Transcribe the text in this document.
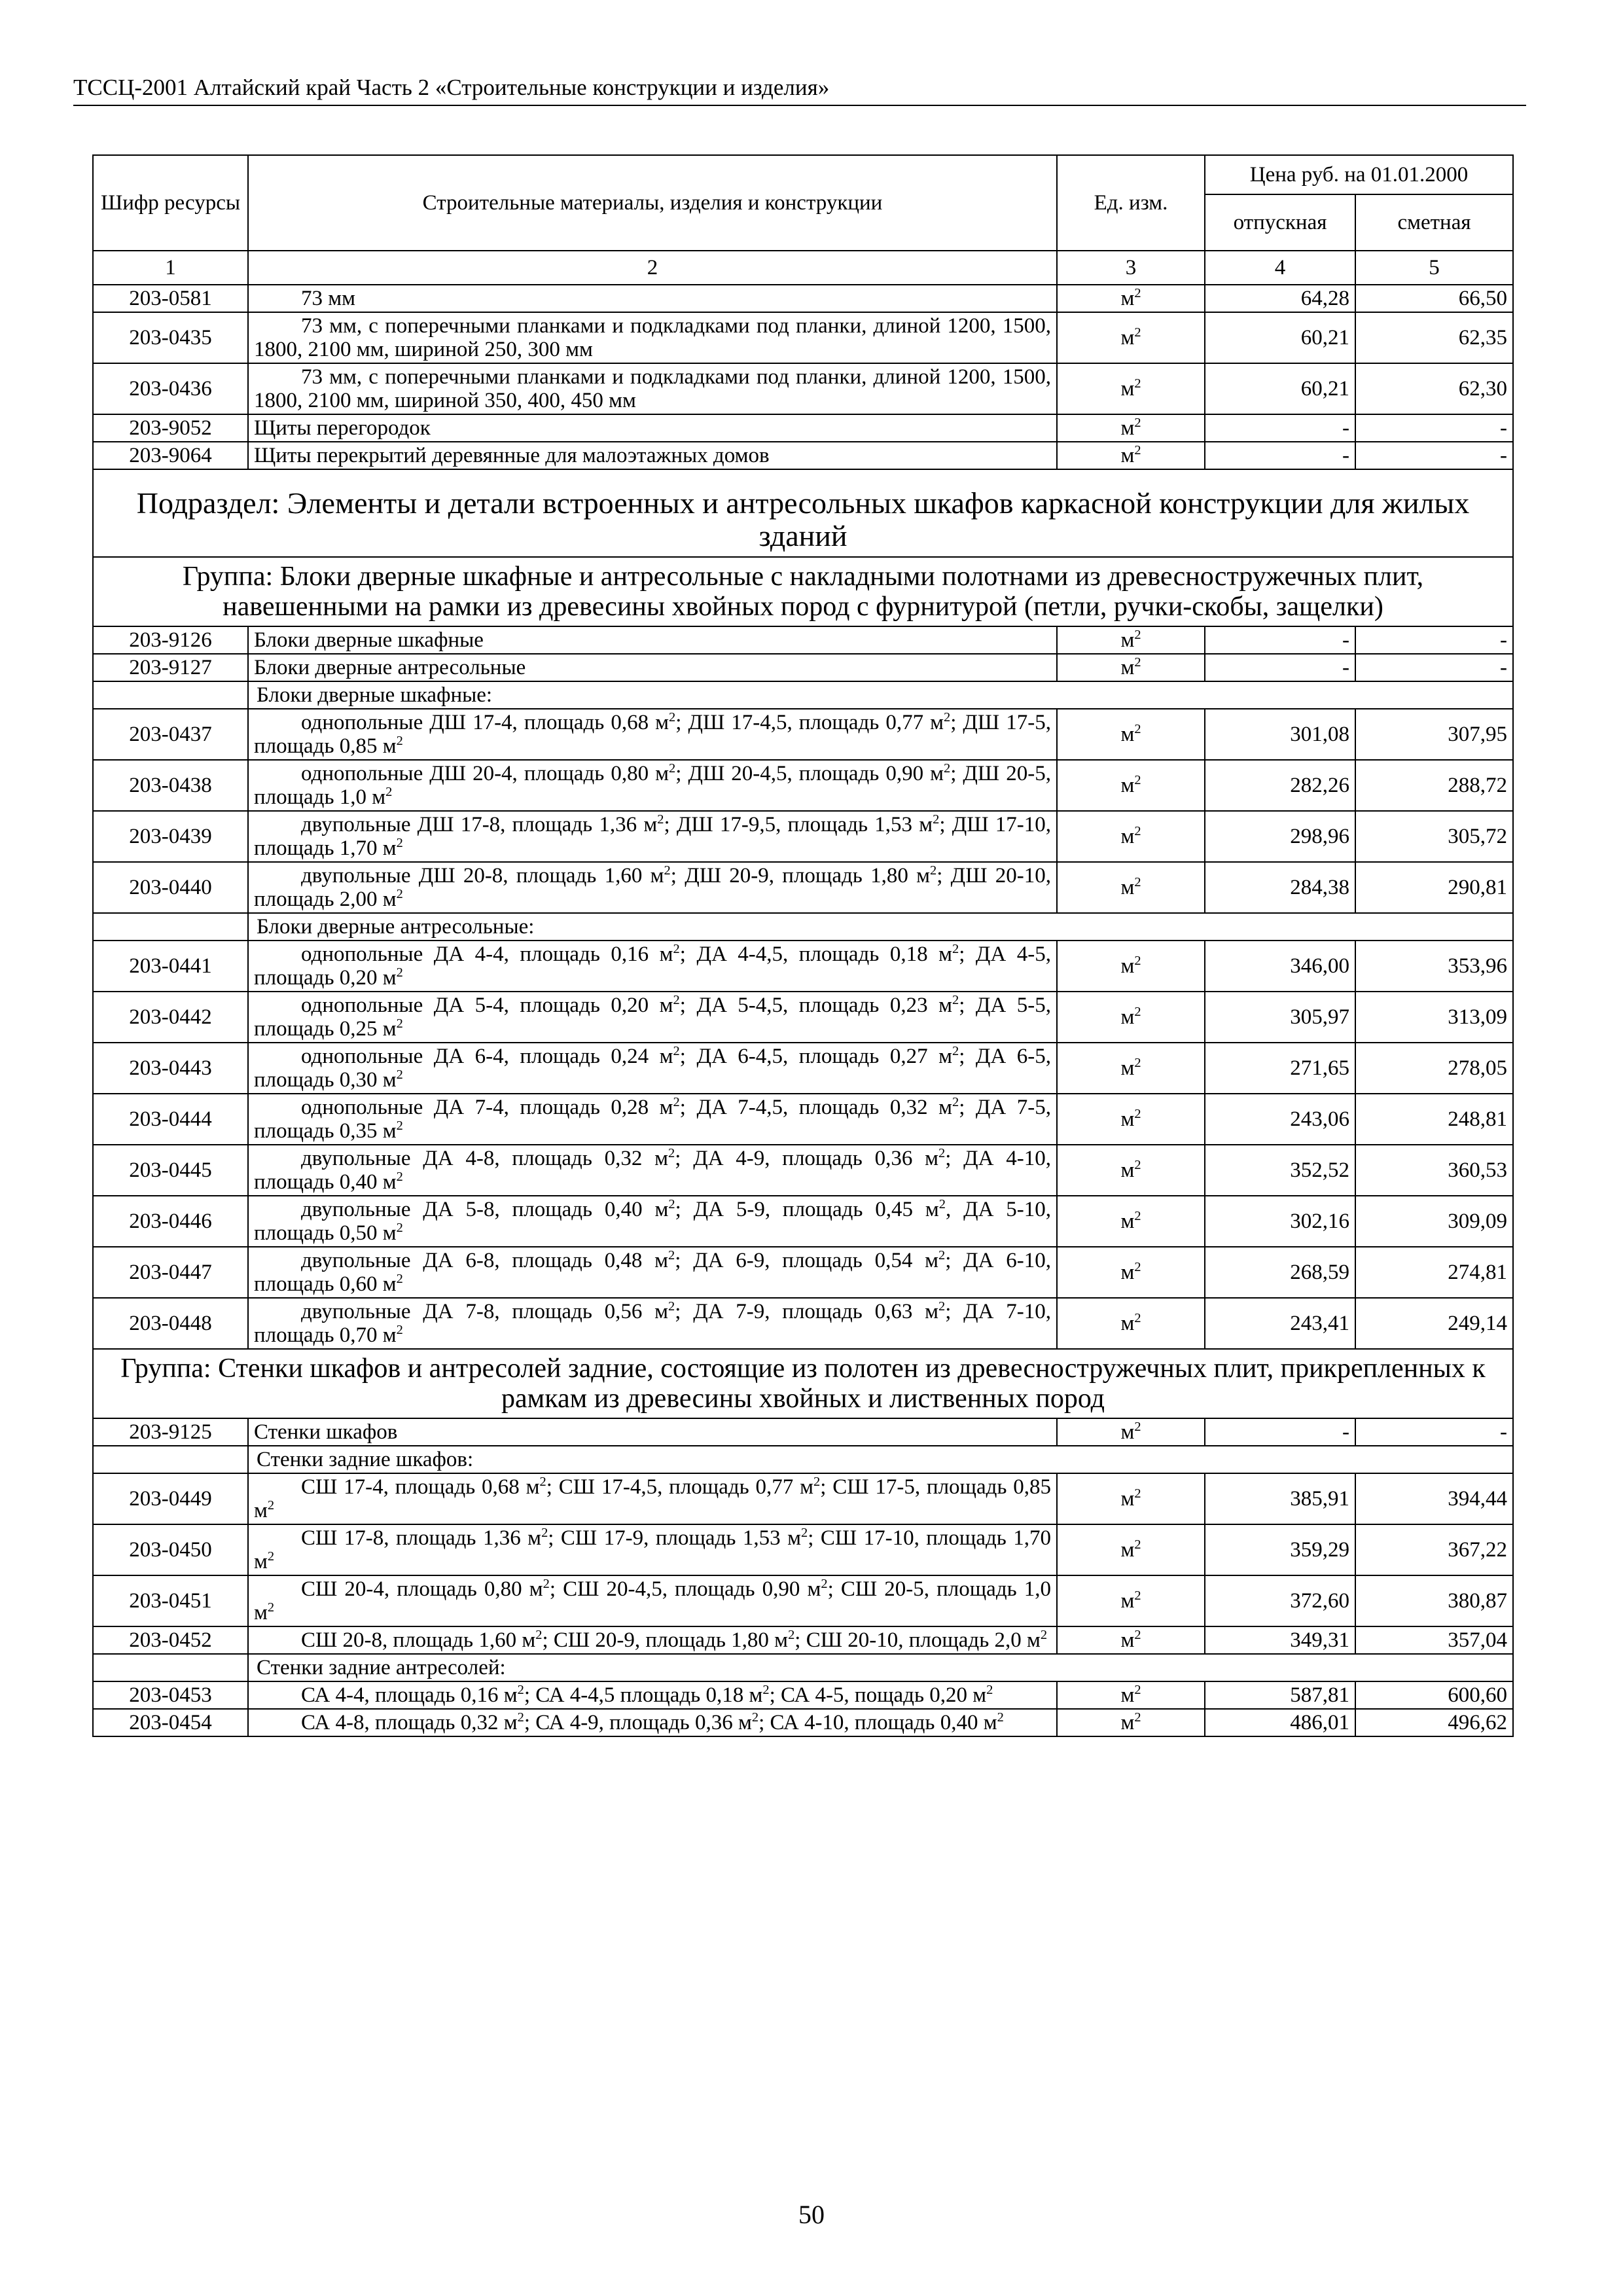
ТССЦ-2001 Алтайский край Часть 2 «Строительные конструкции и изделия»
Шифр ресурсы	Строительные материалы, изделия и конструкции	Ед. изм.	Цена руб. на 01.01.2000	
			отпускная	сметная
1	2	3	4	5
203-0581	73 мм	$м^2$	64,28	66,50
203-0435	73 мм, с поперечными планками и подкладками под планки, длиной 1200, 1500, 1800, 2100 мм, шириной 250, 300 мм	$м^2$	60,21	62,35
203-0436	73 мм, с поперечными планками и подкладками под планки, длиной 1200, 1500, 1800, 2100 мм, шириной 350, 400, 450 мм	$м^2$	60,21	62,30
203-9052	Щиты перегородок	$м^2$	-	-
203-9064	Щиты перекрытий деревянные для малоэтажных домов	$м^2$	-	-
Подраздел: Элементы и детали встроенных и антресольных шкафов каркасной конструкции для жилых зданий				
Группа: Блоки дверные шкафные и антресольные с накладными полотнами из древесностружечных плит, навешенными на рамки из древесины хвойных пород с фурнитурой (петли, ручки-скобы, защелки)				
203-9126	Блоки дверные шкафные	$м^2$	-	-
203-9127	Блоки дверные антресольные	$м^2$	-	-
	Блоки дверные шкафные:			
203-0437	однопольные ДШ 17-4, площадь 0,68 $м^2$; ДШ 17-4,5, площадь 0,77 $м^2$; ДШ 17-5, площадь 0,85 $м^2$	$м^2$	301,08	307,95
203-0438	однопольные ДШ 20-4, площадь 0,80 $м^2$; ДШ 20-4,5, площадь 0,90 $м^2$; ДШ 20-5, площадь 1,0 $м^2$	$м^2$	282,26	288,72
203-0439	двупольные ДШ 17-8, площадь 1,36 $м^2$; ДШ 17-9,5, площадь 1,53 $м^2$; ДШ 17-10, площадь 1,70 $м^2$	$м^2$	298,96	305,72
203-0440	двупольные ДШ 20-8, площадь 1,60 $м^2$; ДШ 20-9, площадь 1,80 $м^2$; ДШ 20-10, площадь 2,00 $м^2$	$м^2$	284,38	290,81
	Блоки дверные антресольные:			
203-0441	однопольные ДА 4-4, площадь 0,16 $м^2$; ДА 4-4,5, площадь 0,18 $м^2$; ДА 4-5, площадь 0,20 $м^2$	$м^2$	346,00	353,96
203-0442	однопольные ДА 5-4, площадь 0,20 $м^2$; ДА 5-4,5, площадь 0,23 $м^2$; ДА 5-5, площадь 0,25 $м^2$	$м^2$	305,97	313,09
203-0443	однопольные ДА 6-4, площадь 0,24 $м^2$; ДА 6-4,5, площадь 0,27 $м^2$; ДА 6-5, площадь 0,30 $м^2$	$м^2$	271,65	278,05
203-0444	однопольные ДА 7-4, площадь 0,28 $м^2$; ДА 7-4,5, площадь 0,32 $м^2$; ДА 7-5, площадь 0,35 $м^2$	$м^2$	243,06	248,81
203-0445	двупольные ДА 4-8, площадь 0,32 $м^2$; ДА 4-9, площадь 0,36 $м^2$; ДА 4-10, площадь 0,40 $м^2$	$м^2$	352,52	360,53
203-0446	двупольные ДА 5-8, площадь 0,40 $м^2$; ДА 5-9, площадь 0,45 $м^2$, ДА 5-10, площадь 0,50 $м^2$	$м^2$	302,16	309,09
203-0447	двупольные ДА 6-8, площадь 0,48 $м^2$; ДА 6-9, площадь 0,54 $м^2$; ДА 6-10, площадь 0,60 $м^2$	$м^2$	268,59	274,81
203-0448	двупольные ДА 7-8, площадь 0,56 $м^2$; ДА 7-9, площадь 0,63 $м^2$; ДА 7-10, площадь 0,70 $м^2$	$м^2$	243,41	249,14
Группа: Стенки шкафов и антресолей задние, состоящие из полотен из древесностружечных плит, прикрепленных к рамкам из древесины хвойных и лиственных пород				
203-9125	Стенки шкафов	$м^2$	-	-
	Стенки задние шкафов:			
203-0449	СШ 17-4, площадь 0,68 $м^2$; СШ 17-4,5, площадь 0,77 $м^2$; СШ 17-5, площадь 0,85 $м^2$	$м^2$	385,91	394,44
203-0450	СШ 17-8, площадь 1,36 $м^2$; СШ 17-9, площадь 1,53 $м^2$; СШ 17-10, площадь 1,70 $м^2$	$м^2$	359,29	367,22
203-0451	СШ 20-4, площадь 0,80 $м^2$; СШ 20-4,5, площадь 0,90 $м^2$; СШ 20-5, площадь 1,0 $м^2$	$м^2$	372,60	380,87
203-0452	СШ 20-8, площадь 1,60 $м^2$; СШ 20-9, площадь 1,80 $м^2$; СШ 20-10, площадь 2,0 $м^2$	$м^2$	349,31	357,04
	Стенки задние антресолей:			
203-0453	СА 4-4, площадь 0,16 $м^2$; СА 4-4,5 площадь 0,18 $м^2$; СА 4-5, пощадь 0,20 $м^2$	$м^2$	587,81	600,60
203-0454	СА 4-8, площадь 0,32 $м^2$; СА 4-9, площадь 0,36 $м^2$; СА 4-10, площадь 0,40 $м^2$	$м^2$	486,01	496,62
50
